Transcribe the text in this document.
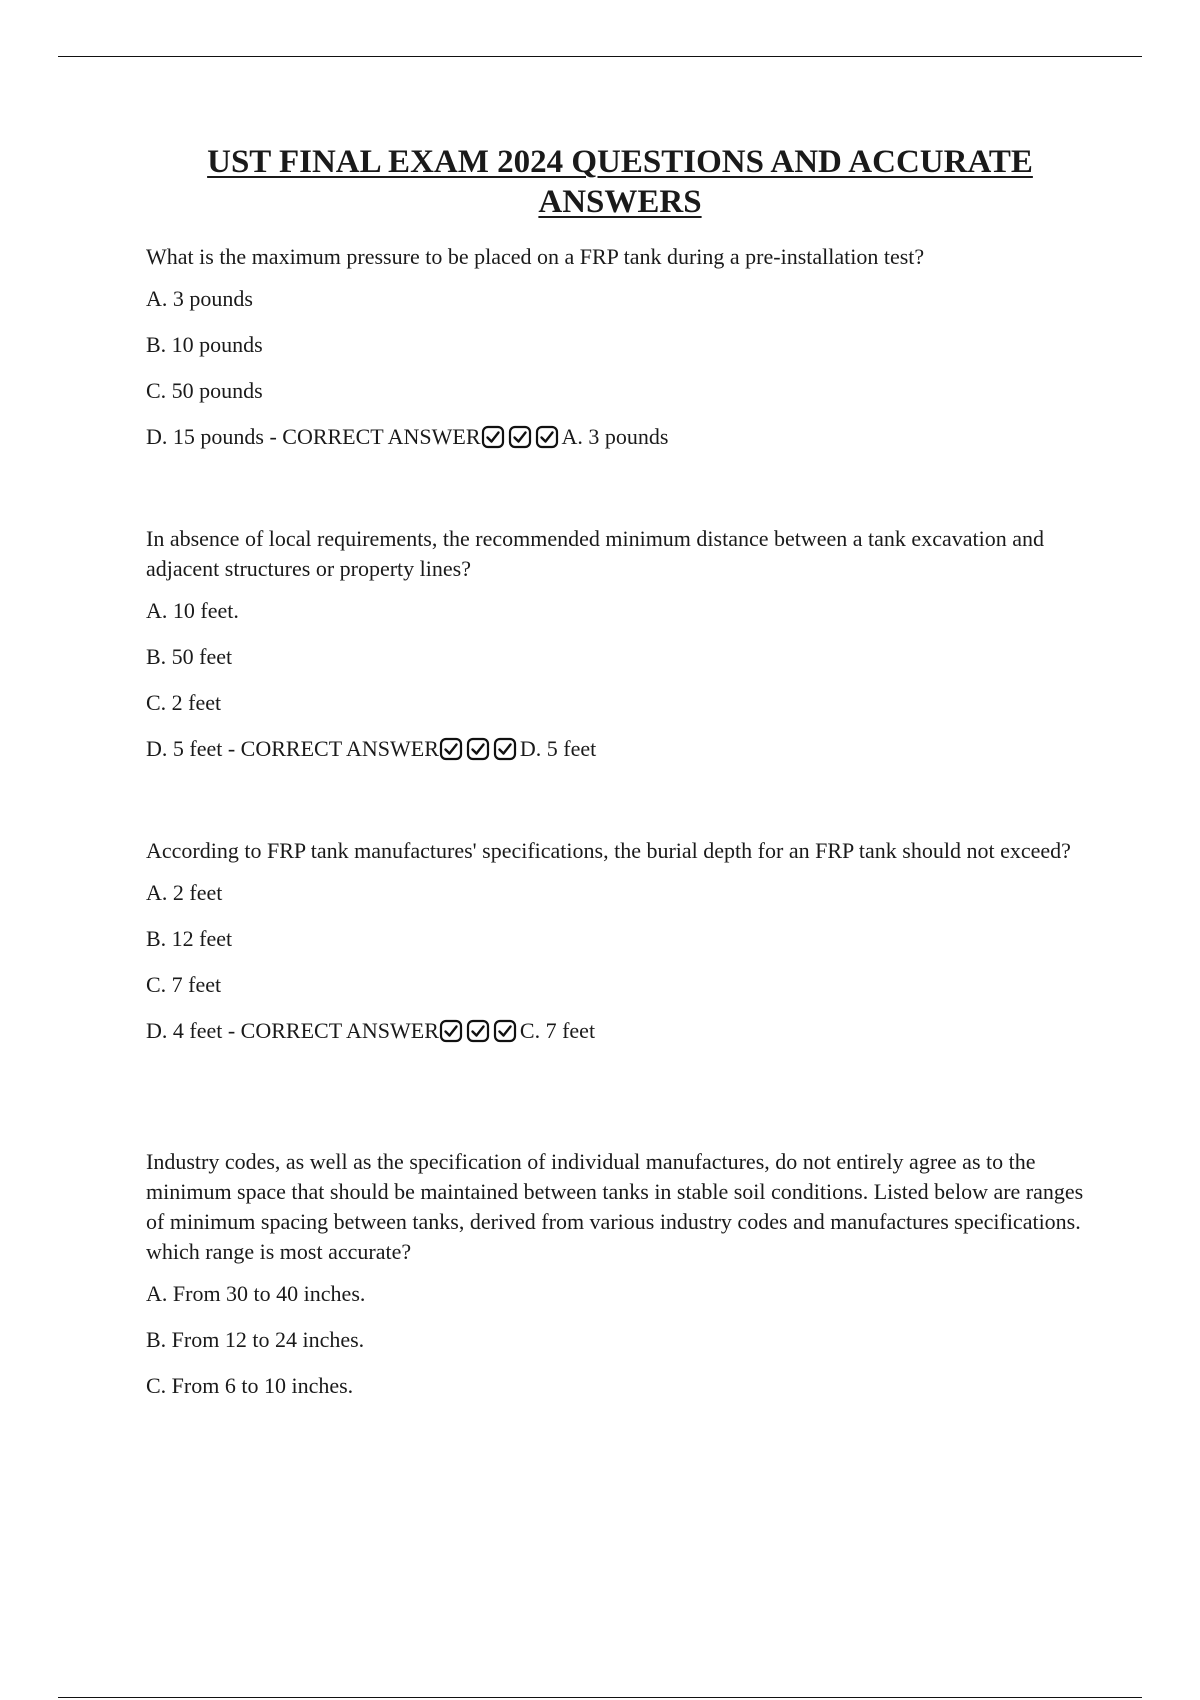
UST FINAL EXAM 2024 QUESTIONS AND ACCURATE ANSWERS

What is the maximum pressure to be placed on a FRP tank during a pre-installation test?

A. 3 pounds

B. 10 pounds

C. 50 pounds

D. 15 pounds - CORRECT ANSWER	A. 3 pounds

In absence of local requirements, the recommended minimum distance between a tank excavation and adjacent structures or property lines?

A. 10 feet.

B. 50 feet

C. 2 feet

D. 5 feet - CORRECT ANSWER	D. 5 feet

According to FRP tank manufactures' specifications, the burial depth for an FRP tank should not exceed?

A. 2 feet

B. 12 feet

C. 7 feet

D. 4 feet - CORRECT ANSWER	C. 7 feet

Industry codes, as well as the specification of individual manufactures, do not entirely agree as to the minimum space that should be maintained between tanks in stable soil conditions. Listed below are ranges of minimum spacing between tanks, derived from various industry codes and manufactures specifications. which range is most accurate?

A. From 30 to 40 inches.

B. From 12 to 24 inches.

C. From 6 to 10 inches.
